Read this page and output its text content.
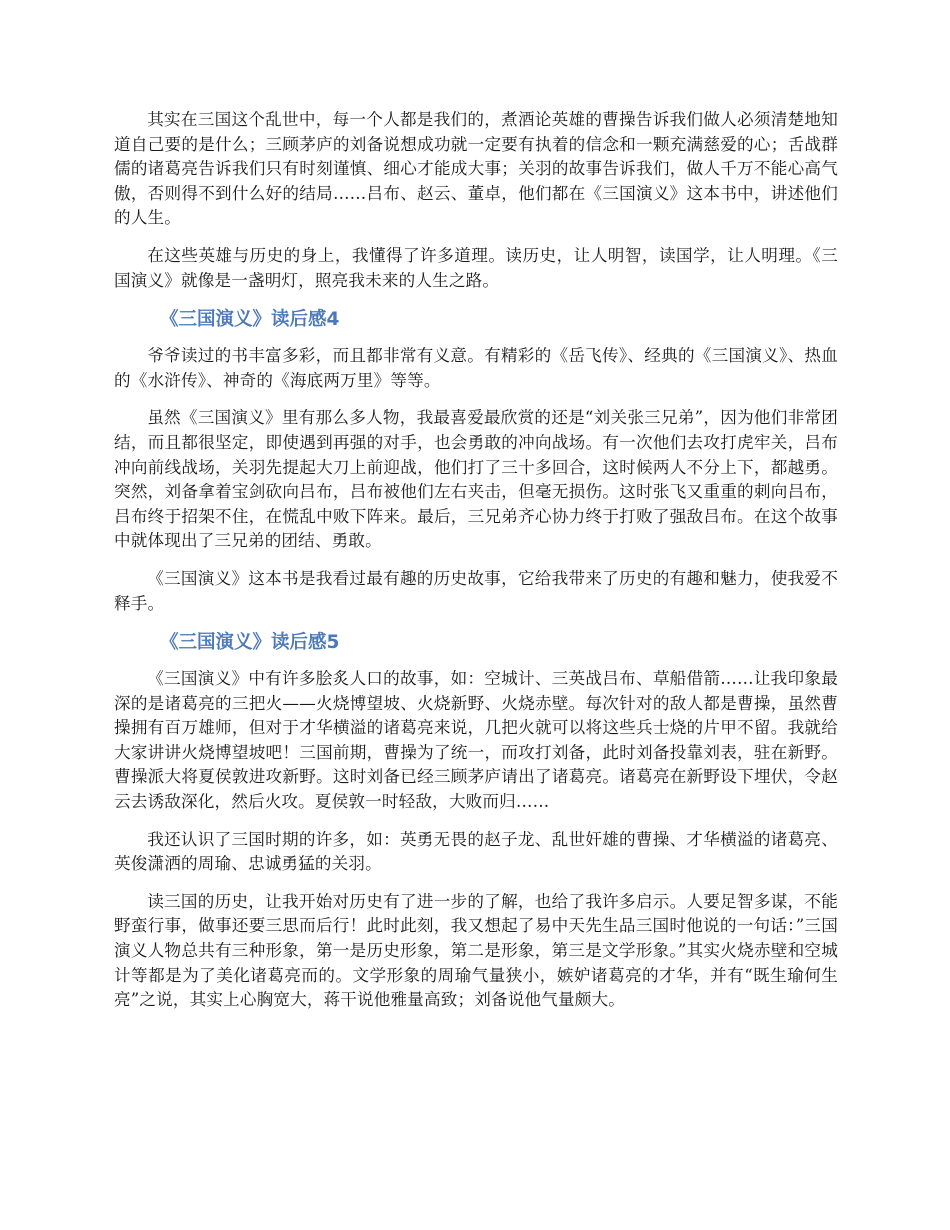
其实在三国这个乱世中，每一个人都是我们的，煮酒论英雄的曹操告诉我们做人必须清楚地知道自己要的是什么；三顾茅庐的刘备说想成功就一定要有执着的信念和一颗充满慈爱的心；舌战群儒的诸葛亮告诉我们只有时刻谨慎、细心才能成大事；关羽的故事告诉我们，做人千万不能心高气傲，否则得不到什么好的结局……吕布、赵云、董卓，他们都在《三国演义》这本书中，讲述他们的人生。

在这些英雄与历史的身上，我懂得了许多道理。读历史，让人明智，读国学，让人明理。《三国演义》就像是一盏明灯，照亮我未来的人生之路。

《三国演义》读后感4

爷爷读过的书丰富多彩，而且都非常有义意。有精彩的《岳飞传》、经典的《三国演义》、热血的《水浒传》、神奇的《海底两万里》等等。

虽然《三国演义》里有那么多人物，我最喜爱最欣赏的还是“刘关张三兄弟”，因为他们非常团结，而且都很坚定，即使遇到再强的对手，也会勇敢的冲向战场。有一次他们去攻打虎牢关，吕布冲向前线战场，关羽先提起大刀上前迎战，他们打了三十多回合，这时候两人不分上下，都越勇。突然，刘备拿着宝剑砍向吕布，吕布被他们左右夹击，但毫无损伤。这时张飞又重重的刺向吕布，吕布终于招架不住，在慌乱中败下阵来。最后，三兄弟齐心协力终于打败了强敌吕布。在这个故事中就体现出了三兄弟的团结、勇敢。

《三国演义》这本书是我看过最有趣的历史故事，它给我带来了历史的有趣和魅力，使我爱不释手。

《三国演义》读后感5

《三国演义》中有许多脍炙人口的故事，如：空城计、三英战吕布、草船借箭……让我印象最深的是诸葛亮的三把火——火烧博望坡、火烧新野、火烧赤壁。每次针对的敌人都是曹操，虽然曹操拥有百万雄师，但对于才华横溢的诸葛亮来说，几把火就可以将这些兵士烧的片甲不留。我就给大家讲讲火烧博望坡吧！三国前期，曹操为了统一，而攻打刘备，此时刘备投靠刘表，驻在新野。曹操派大将夏侯敦进攻新野。这时刘备已经三顾茅庐请出了诸葛亮。诸葛亮在新野设下埋伏，令赵云去诱敌深化，然后火攻。夏侯敦一时轻敌，大败而归……

我还认识了三国时期的许多，如：英勇无畏的赵子龙、乱世奸雄的曹操、才华横溢的诸葛亮、英俊潇洒的周瑜、忠诚勇猛的关羽。

读三国的历史，让我开始对历史有了进一步的了解，也给了我许多启示。人要足智多谋，不能野蛮行事，做事还要三思而后行！此时此刻，我又想起了易中天先生品三国时他说的一句话：”三国演义人物总共有三种形象，第一是历史形象，第二是形象，第三是文学形象。”其实火烧赤壁和空城计等都是为了美化诸葛亮而的。文学形象的周瑜气量狭小，嫉妒诸葛亮的才华，并有“既生瑜何生亮”之说，其实上心胸宽大，蒋干说他雅量高致；刘备说他气量颇大。
